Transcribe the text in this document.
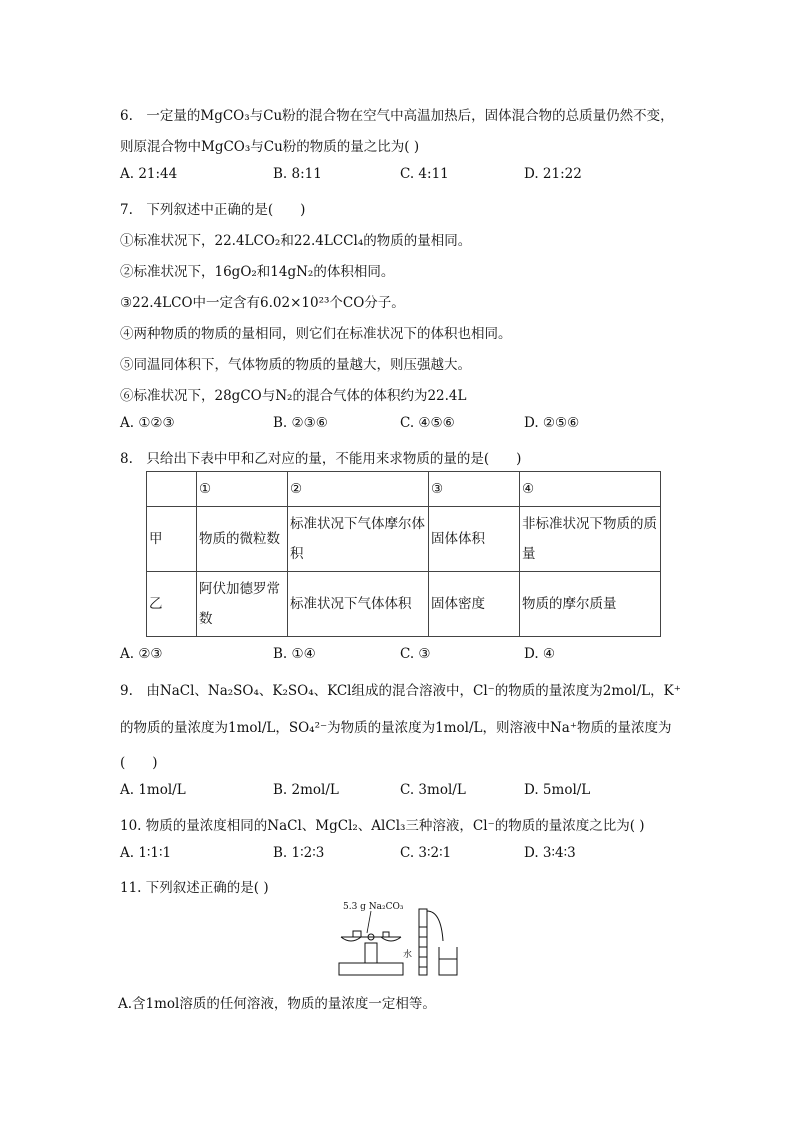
6.　一定量的MgCO₃与Cu粉的混合物在空气中高温加热后，固体混合物的总质量仍然不变，
则原混合物中MgCO₃与Cu粉的物质的量之比为( )
A. 21:44	B. 8:11	C. 4:11	D. 21:22
7.　下列叙述中正确的是(　　)
①标准状况下，22.4LCO₂和22.4LCCl₄的物质的量相同。
②标准状况下，16gO₂和14gN₂的体积相同。
③22.4LCO中一定含有6.02×10²³个CO分子。
④两种物质的物质的量相同，则它们在标准状况下的体积也相同。
⑤同温同体积下，气体物质的物质的量越大，则压强越大。
⑥标准状况下，28gCO与N₂的混合气体的体积约为22.4L
A. ①②③	B. ②③⑥	C. ④⑤⑥	D. ②⑤⑥
8.　只给出下表中甲和乙对应的量，不能用来求物质的量的是(　　)
	①	②	③	④
甲	物质的微粒数	标准状况下气体摩尔体积	固体体积	非标准状况下物质的质量
乙	阿伏加德罗常数	标准状况下气体体积	固体密度	物质的摩尔质量
A. ②③	B. ①④	C. ③	D. ④
9.　由NaCl、Na₂SO₄、K₂SO₄、KCl组成的混合溶液中，Cl⁻的物质的量浓度为2mol/L，K⁺
的物质的量浓度为1mol/L，SO₄²⁻为物质的量浓度为1mol/L，则溶液中Na⁺物质的量浓度为
(　　)
A. 1mol/L	B. 2mol/L	C. 3mol/L	D. 5mol/L
10. 物质的量浓度相同的NaCl、MgCl₂、AlCl₃三种溶液，Cl⁻的物质的量浓度之比为( )
A. 1∶1∶1	B. 1∶2∶3	C. 3∶2∶1	D. 3∶4∶3
11. 下列叙述正确的是( )
5.3 g Na₂CO₃
水
A.含1mol溶质的任何溶液，物质的量浓度一定相等。
